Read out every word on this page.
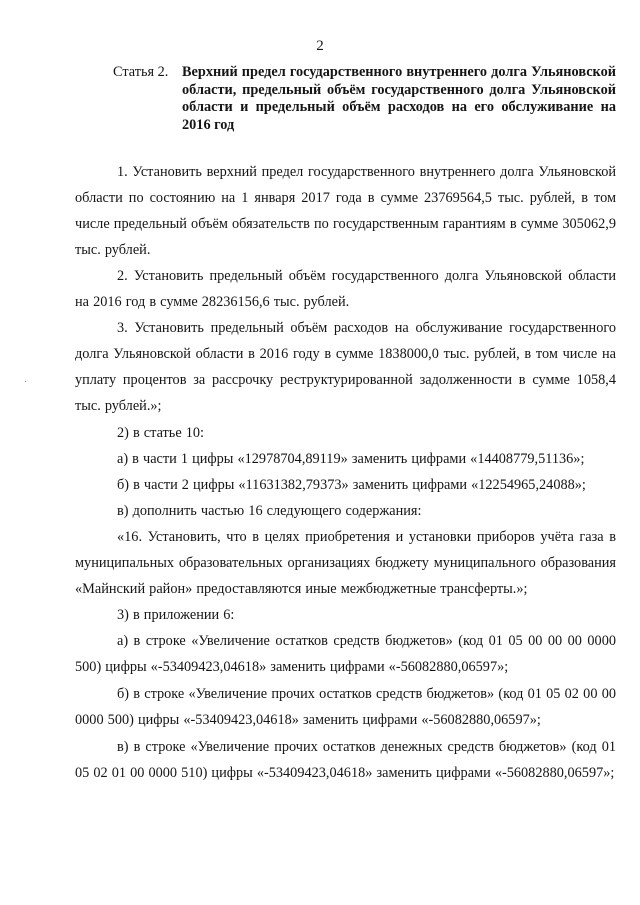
2
Статья 2. Верхний предел государственного внутреннего долга Ульяновской области, предельный объём государственного долга Ульяновской области и предельный объём расходов на его обслуживание на 2016 год

1. Установить верхний предел государственного внутреннего долга Ульяновской области по состоянию на 1 января 2017 года в сумме 23769564,5 тыс. рублей, в том числе предельный объём обязательств по государственным гарантиям в сумме 305062,9 тыс. рублей.

2. Установить предельный объём государственного долга Ульяновской области на 2016 год в сумме 28236156,6 тыс. рублей.

3. Установить предельный объём расходов на обслуживание государственного долга Ульяновской области в 2016 году в сумме 1838000,0 тыс. рублей, в том числе на уплату процентов за рассрочку реструктурированной задолженности в сумме 1058,4 тыс. рублей.»;

2) в статье 10:

а) в части 1 цифры «12978704,89119» заменить цифрами «14408779,51136»;

б) в части 2 цифры «11631382,79373» заменить цифрами «12254965,24088»;

в) дополнить частью 16 следующего содержания:

«16. Установить, что в целях приобретения и установки приборов учёта газа в муниципальных образовательных организациях бюджету муниципального образования «Майнский район» предоставляются иные межбюджетные трансферты.»;

3) в приложении 6:

а) в строке «Увеличение остатков средств бюджетов» (код 01 05 00 00 00 0000 500) цифры «-53409423,04618» заменить цифрами «-56082880,06597»;

б) в строке «Увеличение прочих остатков средств бюджетов» (код 01 05 02 00 00 0000 500) цифры «-53409423,04618» заменить цифрами «-56082880,06597»;

в) в строке «Увеличение прочих остатков денежных средств бюджетов» (код 01 05 02 01 00 0000 510) цифры «-53409423,04618» заменить цифрами «-56082880,06597»;

·
